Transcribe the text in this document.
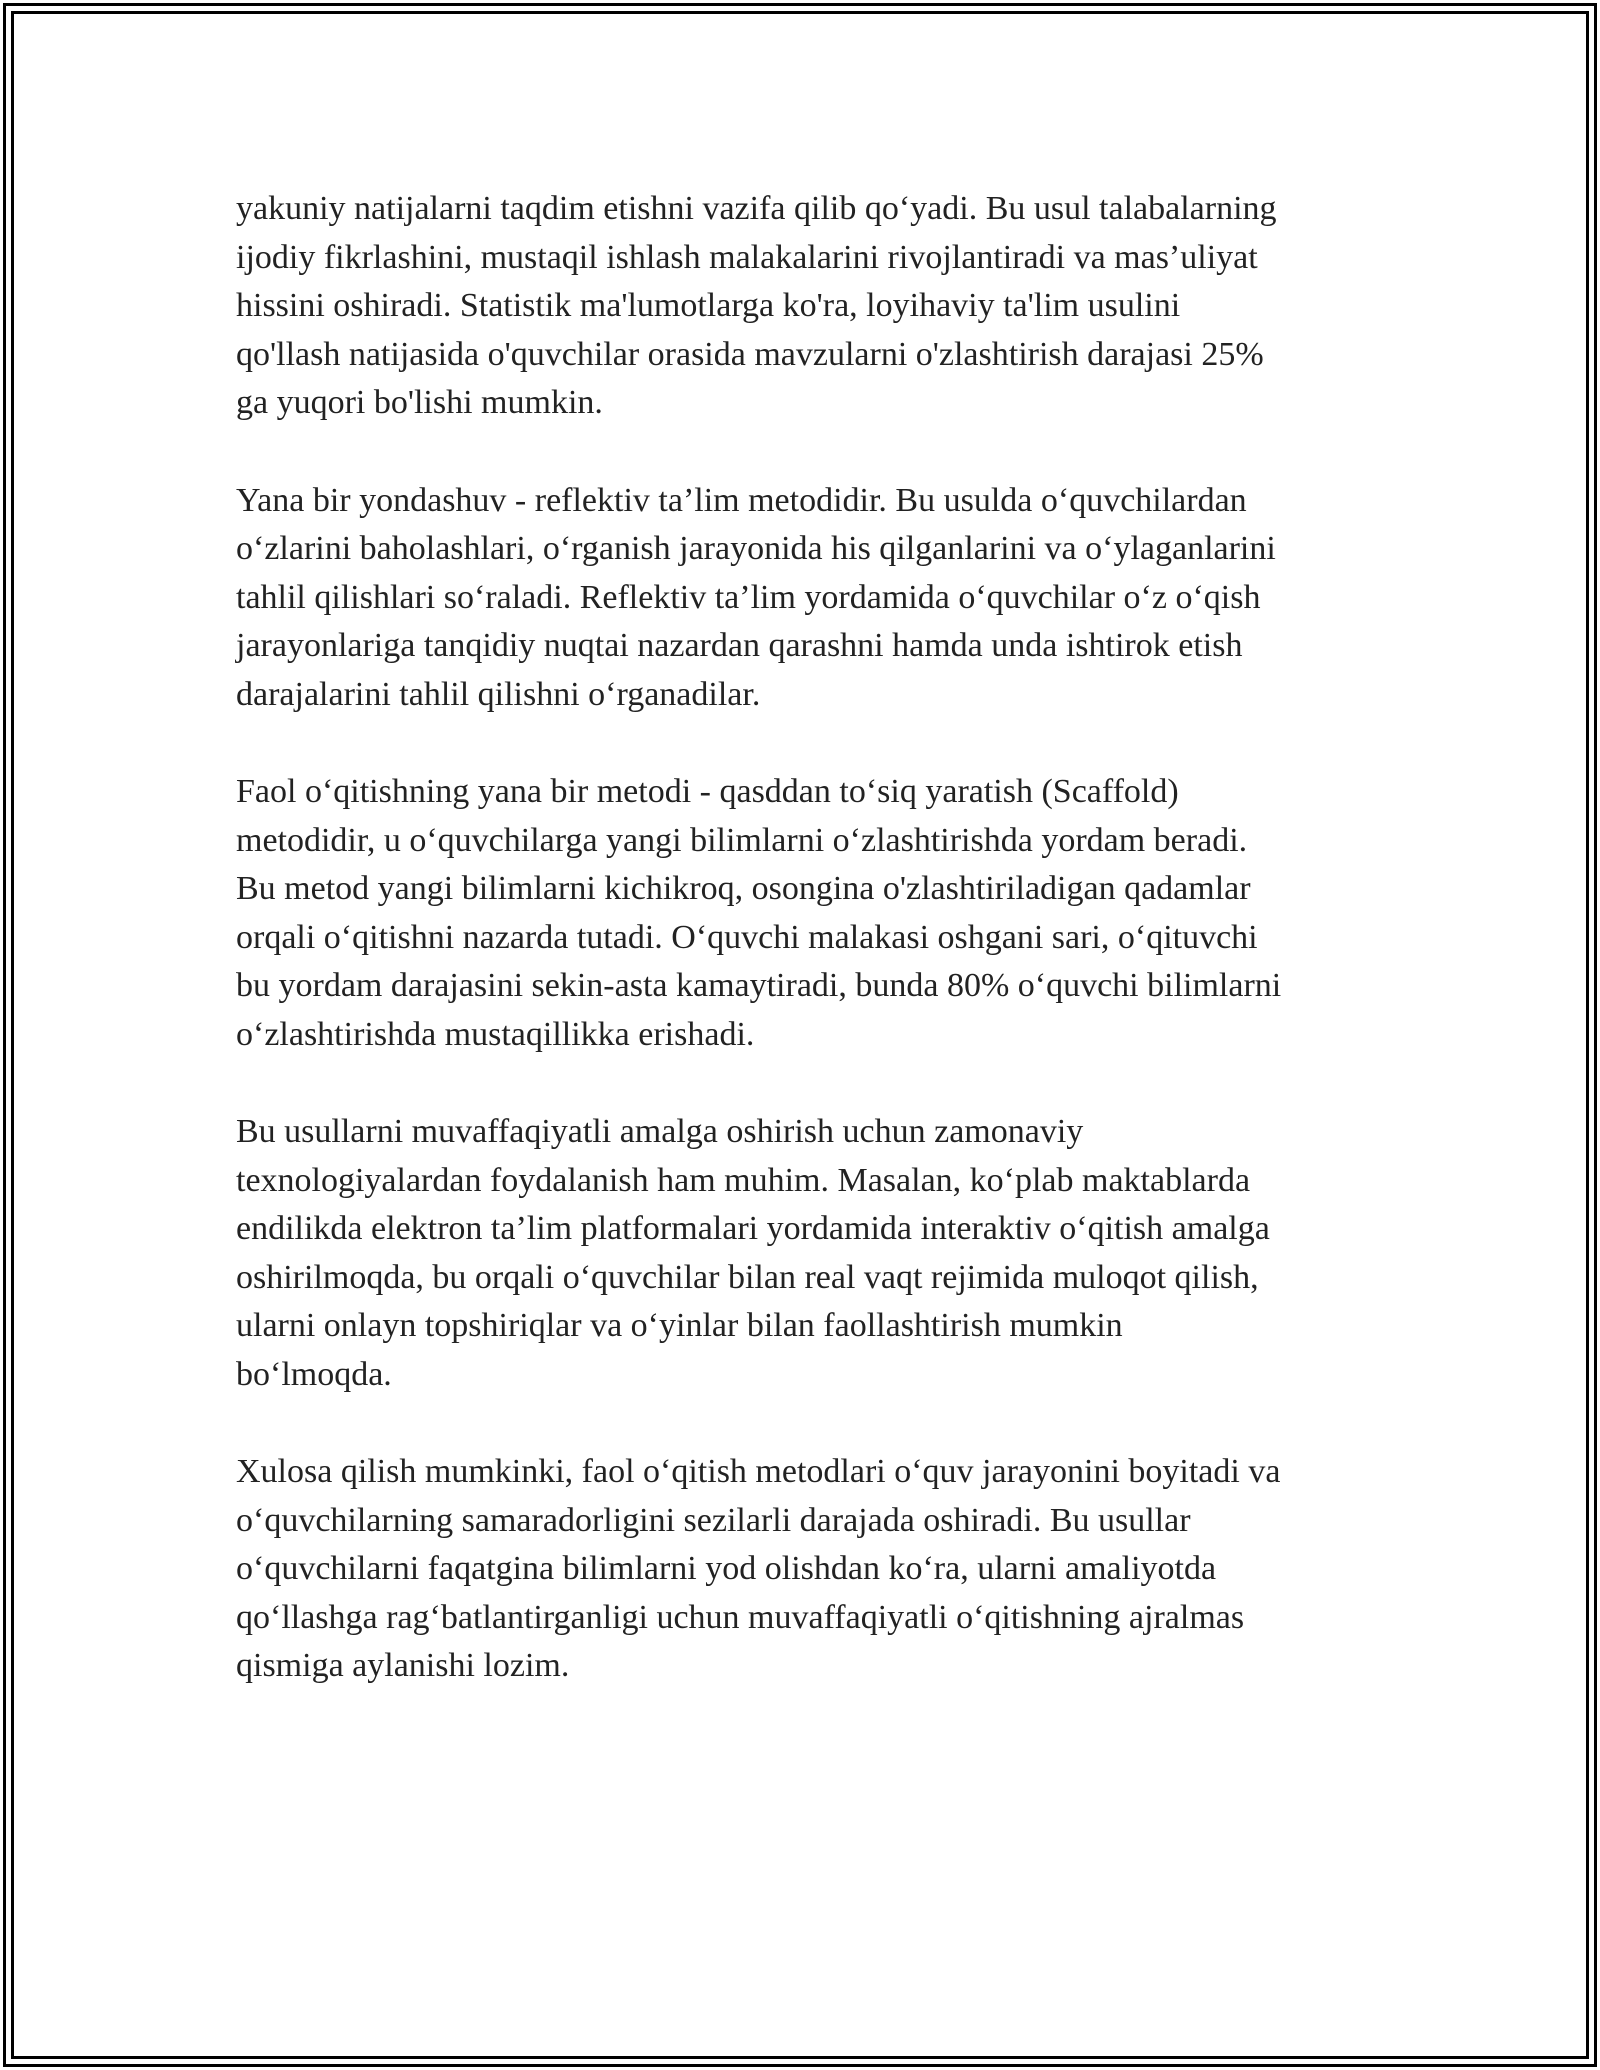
yakuniy natijalarni taqdim etishni vazifa qilib qoʻyadi. Bu usul talabalarning
ijodiy fikrlashini, mustaqil ishlash malakalarini rivojlantiradi va mas’uliyat
hissini oshiradi. Statistik ma'lumotlarga ko'ra, loyihaviy ta'lim usulini
qo'llash natijasida o'quvchilar orasida mavzularni o'zlashtirish darajasi 25%
ga yuqori bo'lishi mumkin.

Yana bir yondashuv - reflektiv ta’lim metodidir. Bu usulda oʻquvchilardan
oʻzlarini baholashlari, oʻrganish jarayonida his qilganlarini va oʻylaganlarini
tahlil qilishlari soʻraladi. Reflektiv ta’lim yordamida oʻquvchilar oʻz oʻqish
jarayonlariga tanqidiy nuqtai nazardan qarashni hamda unda ishtirok etish
darajalarini tahlil qilishni oʻrganadilar.

Faol oʻqitishning yana bir metodi - qasddan toʻsiq yaratish (Scaffold)
metodidir, u oʻquvchilarga yangi bilimlarni oʻzlashtirishda yordam beradi.
Bu metod yangi bilimlarni kichikroq, osongina o'zlashtiriladigan qadamlar
orqali oʻqitishni nazarda tutadi. Oʻquvchi malakasi oshgani sari, oʻqituvchi
bu yordam darajasini sekin-asta kamaytiradi, bunda 80% oʻquvchi bilimlarni
oʻzlashtirishda mustaqillikka erishadi.

Bu usullarni muvaffaqiyatli amalga oshirish uchun zamonaviy
texnologiyalardan foydalanish ham muhim. Masalan, koʻplab maktablarda
endilikda elektron ta’lim platformalari yordamida interaktiv oʻqitish amalga
oshirilmoqda, bu orqali oʻquvchilar bilan real vaqt rejimida muloqot qilish,
ularni onlayn topshiriqlar va oʻyinlar bilan faollashtirish mumkin
boʻlmoqda.

Xulosa qilish mumkinki, faol oʻqitish metodlari oʻquv jarayonini boyitadi va
oʻquvchilarning samaradorligini sezilarli darajada oshiradi. Bu usullar
oʻquvchilarni faqatgina bilimlarni yod olishdan koʻra, ularni amaliyotda
qoʻllashga ragʻbatlantirganligi uchun muvaffaqiyatli oʻqitishning ajralmas
qismiga aylanishi lozim.
